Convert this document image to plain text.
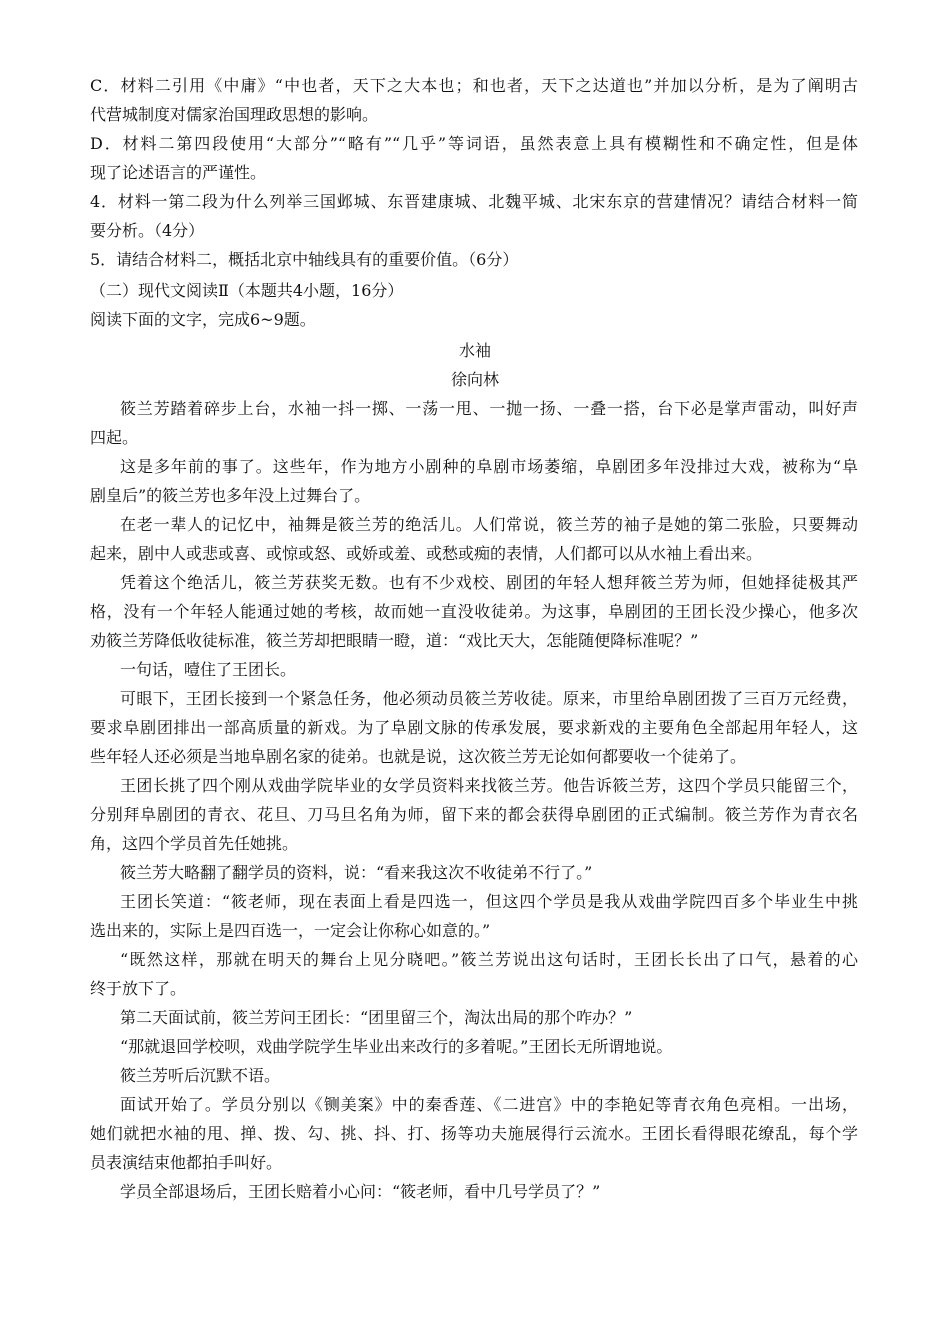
C．材料二引用《中庸》“中也者，天下之大本也；和也者，天下之达道也”并加以分析，是为了阐明古
代营城制度对儒家治国理政思想的影响。
D．材料二第四段使用“大部分”“略有”“几乎”等词语，虽然表意上具有模糊性和不确定性，但是体
现了论述语言的严谨性。
4．材料一第二段为什么列举三国邺城、东晋建康城、北魏平城、北宋东京的营建情况？请结合材料一简
要分析。（4分）
5．请结合材料二，概括北京中轴线具有的重要价值。（6分）
（二）现代文阅读Ⅱ（本题共4小题，16分）
阅读下面的文字，完成6~9题。
水袖
徐向林
筱兰芳踏着碎步上台，水袖一抖一掷、一荡一甩、一抛一扬、一叠一搭，台下必是掌声雷动，叫好声
四起。
这是多年前的事了。这些年，作为地方小剧种的阜剧市场萎缩，阜剧团多年没排过大戏，被称为“阜
剧皇后”的筱兰芳也多年没上过舞台了。
在老一辈人的记忆中，袖舞是筱兰芳的绝活儿。人们常说，筱兰芳的袖子是她的第二张脸，只要舞动
起来，剧中人或悲或喜、或惊或怒、或娇或羞、或愁或痴的表情，人们都可以从水袖上看出来。
凭着这个绝活儿，筱兰芳获奖无数。也有不少戏校、剧团的年轻人想拜筱兰芳为师，但她择徒极其严
格，没有一个年轻人能通过她的考核，故而她一直没收徒弟。为这事，阜剧团的王团长没少操心，他多次
劝筱兰芳降低收徒标准，筱兰芳却把眼睛一瞪，道：“戏比天大，怎能随便降标准呢？”
一句话，噎住了王团长。
可眼下，王团长接到一个紧急任务，他必须动员筱兰芳收徒。原来，市里给阜剧团拨了三百万元经费，
要求阜剧团排出一部高质量的新戏。为了阜剧文脉的传承发展，要求新戏的主要角色全部起用年轻人，这
些年轻人还必须是当地阜剧名家的徒弟。也就是说，这次筱兰芳无论如何都要收一个徒弟了。
王团长挑了四个刚从戏曲学院毕业的女学员资料来找筱兰芳。他告诉筱兰芳，这四个学员只能留三个，
分别拜阜剧团的青衣、花旦、刀马旦名角为师，留下来的都会获得阜剧团的正式编制。筱兰芳作为青衣名
角，这四个学员首先任她挑。
筱兰芳大略翻了翻学员的资料，说：“看来我这次不收徒弟不行了。”
王团长笑道：“筱老师，现在表面上看是四选一，但这四个学员是我从戏曲学院四百多个毕业生中挑
选出来的，实际上是四百选一，一定会让你称心如意的。”
“既然这样，那就在明天的舞台上见分晓吧。”筱兰芳说出这句话时，王团长长出了口气，悬着的心
终于放下了。
第二天面试前，筱兰芳问王团长：“团里留三个，淘汰出局的那个咋办？”
“那就退回学校呗，戏曲学院学生毕业出来改行的多着呢。”王团长无所谓地说。
筱兰芳听后沉默不语。
面试开始了。学员分别以《铡美案》中的秦香莲、《二进宫》中的李艳妃等青衣角色亮相。一出场，
她们就把水袖的甩、掸、拨、勾、挑、抖、打、扬等功夫施展得行云流水。王团长看得眼花缭乱，每个学
员表演结束他都拍手叫好。
学员全部退场后，王团长赔着小心问：“筱老师，看中几号学员了？”
